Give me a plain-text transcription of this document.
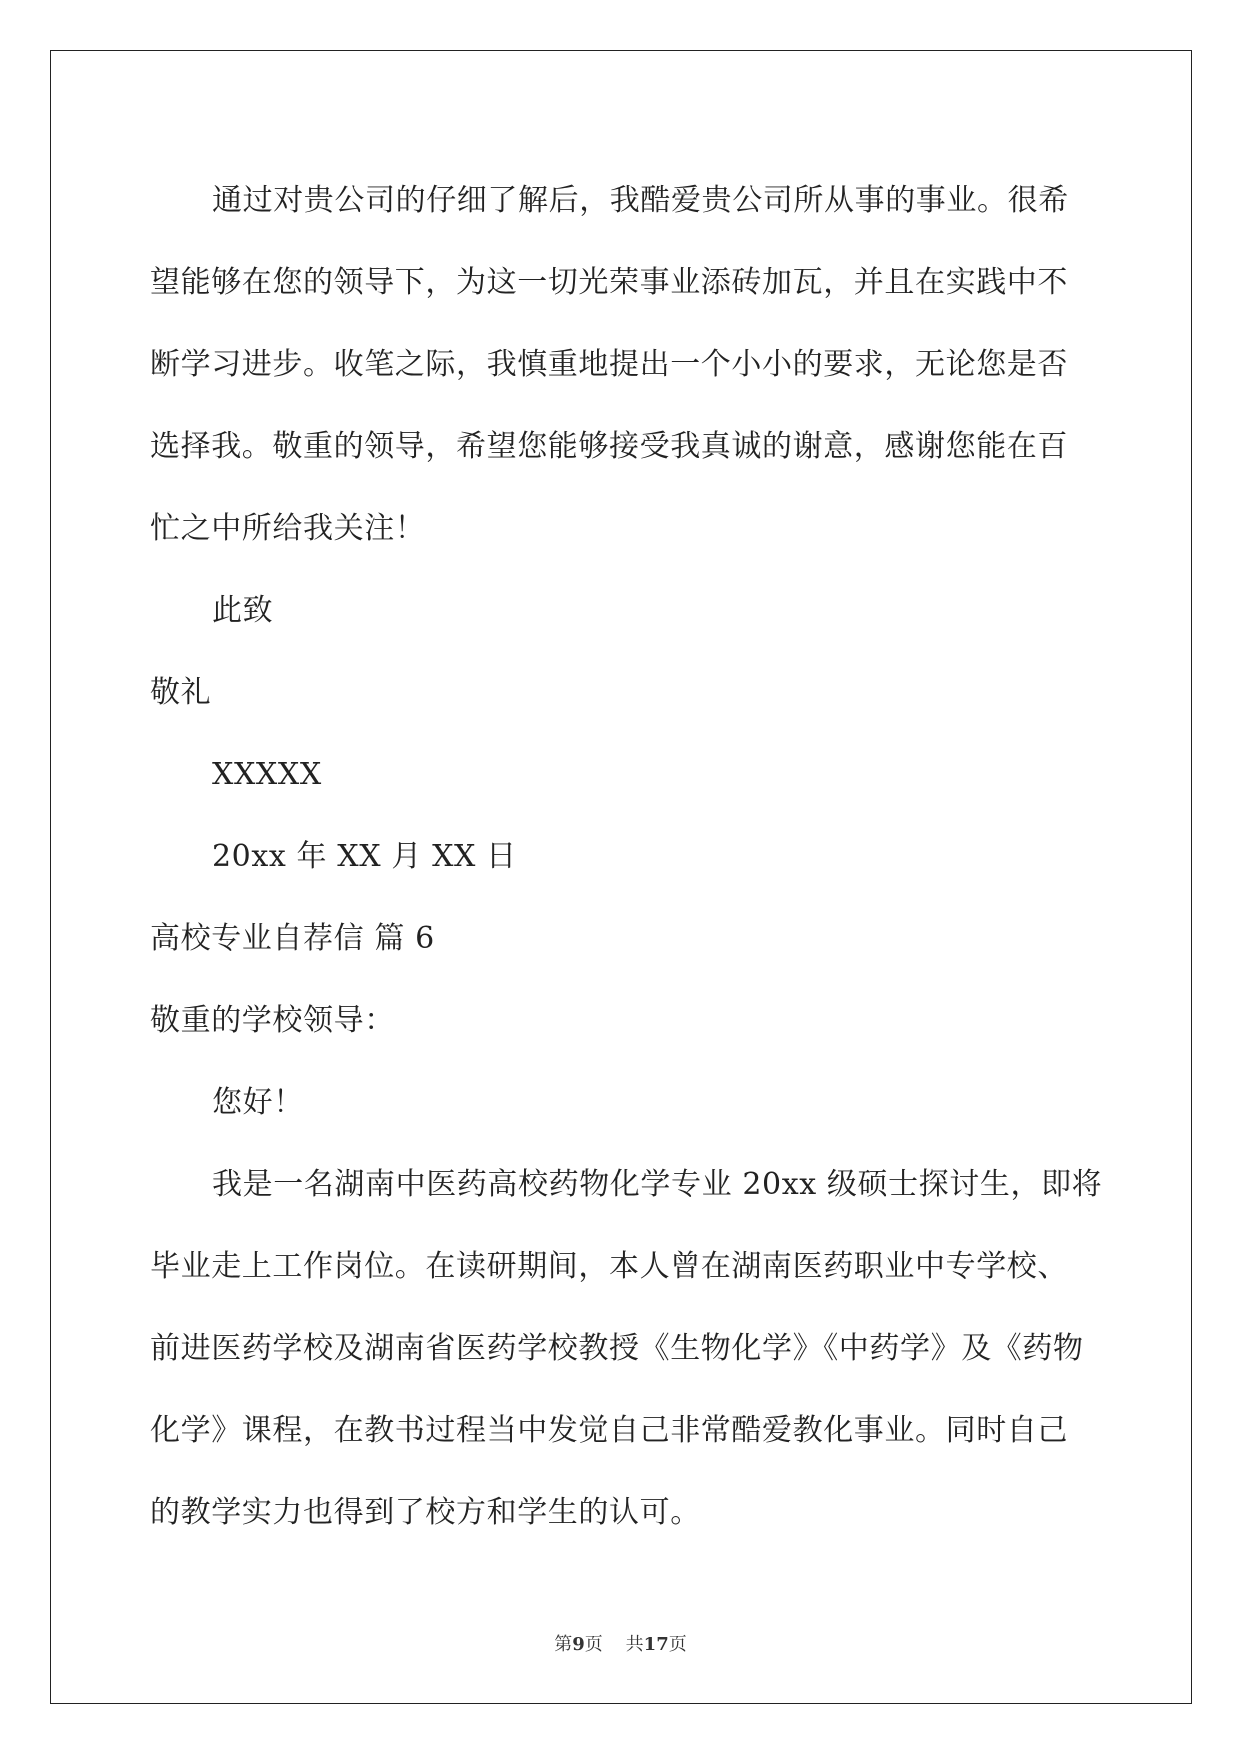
通过对贵公司的仔细了解后，我酷爱贵公司所从事的事业。很希
望能够在您的领导下，为这一切光荣事业添砖加瓦，并且在实践中不
断学习进步。收笔之际，我慎重地提出一个小小的要求，无论您是否
选择我。敬重的领导，希望您能够接受我真诚的谢意，感谢您能在百
忙之中所给我关注！
此致
敬礼
XXXXX
20xx 年 XX 月 XX 日
高校专业自荐信 篇 6
敬重的学校领导：
您好！
我是一名湖南中医药高校药物化学专业 20xx 级硕士探讨生，即将
毕业走上工作岗位。在读研期间，本人曾在湖南医药职业中专学校、
前进医药学校及湖南省医药学校教授《生物化学》《中药学》及《药物
化学》课程，在教书过程当中发觉自己非常酷爱教化事业。同时自己
的教学实力也得到了校方和学生的认可。
第9页    共17页
